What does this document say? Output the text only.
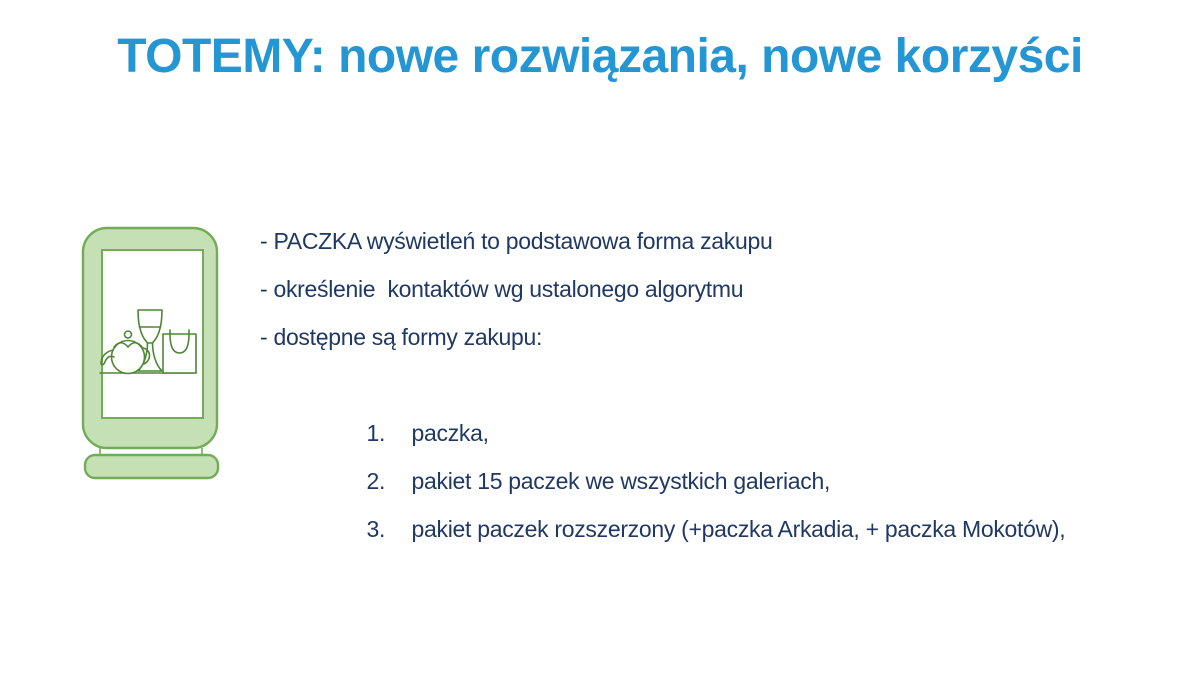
TOTEMY: nowe rozwiązania, nowe korzyści
- PACZKA wyświetleń to podstawowa forma zakupu
- określenie  kontaktów wg ustalonego algorytmu
- dostępne są formy zakupu:

1. paczka,

2. pakiet 15 paczek we wszystkich galeriach,

3. pakiet paczek rozszerzony (+paczka Arkadia, + paczka Mokotów),
